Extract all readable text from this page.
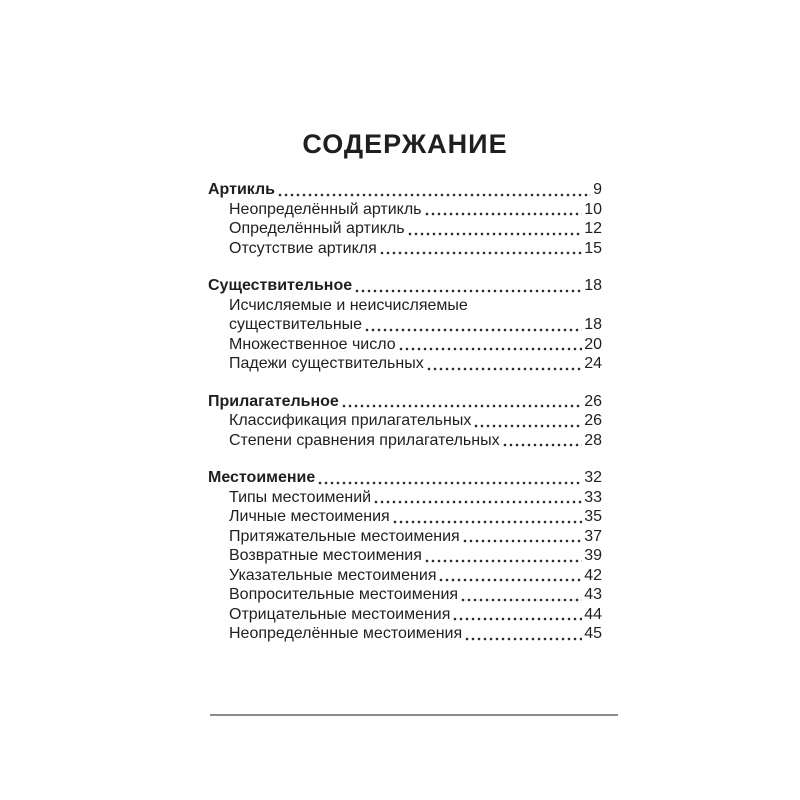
СОДЕРЖАНИЕ
Артикль	9
Неопределённый артикль	10
Определённый артикль	12
Отсутствие артикля	15
Существительное	18
Исчисляемые и неисчисляемые
существительные	18
Множественное число	20
Падежи существительных	24
Прилагательное	26
Классификация прилагательных	26
Степени сравнения прилагательных	28
Местоимение	32
Типы местоимений	33
Личные местоимения	35
Притяжательные местоимения	37
Возвратные местоимения	39
Указательные местоимения	42
Вопросительные местоимения	43
Отрицательные местоимения	44
Неопределённые местоимения	45
